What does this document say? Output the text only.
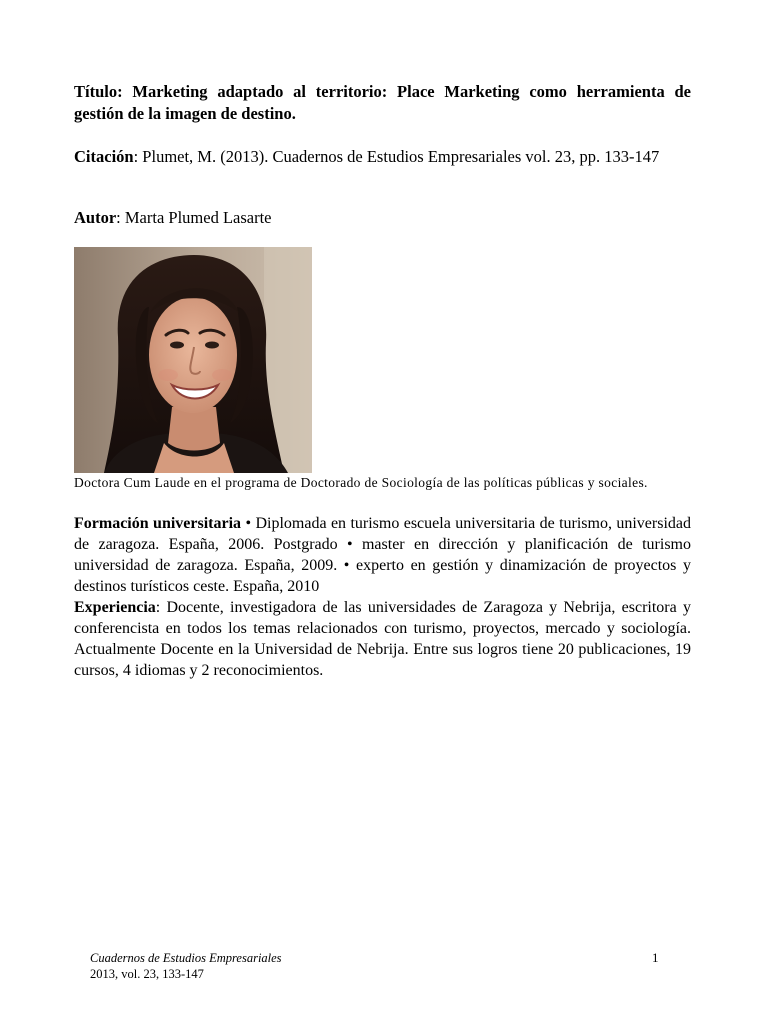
Título: Marketing adaptado al territorio: Place Marketing como herramienta de gestión de la imagen de destino.
Citación: Plumet, M. (2013). Cuadernos de Estudios Empresariales vol. 23, pp. 133-147
Autor: Marta Plumed Lasarte
Doctora Cum Laude en el programa de Doctorado de Sociología de las políticas públicas y sociales.
Formación universitaria • Diplomada en turismo escuela universitaria de turismo, universidad de zaragoza. España, 2006. Postgrado • master en dirección y planificación de turismo universidad de zaragoza. España, 2009. • experto en gestión y dinamización de proyectos y destinos turísticos ceste. España, 2010
Experiencia: Docente, investigadora de las universidades de Zaragoza y Nebrija, escritora y conferencista en todos los temas relacionados con turismo, proyectos, mercado y sociología. Actualmente Docente en la Universidad de Nebrija. Entre sus logros tiene 20 publicaciones, 19 cursos, 4 idiomas y 2 reconocimientos.
Cuadernos de Estudios Empresariales
2013, vol. 23, 133-147
1
